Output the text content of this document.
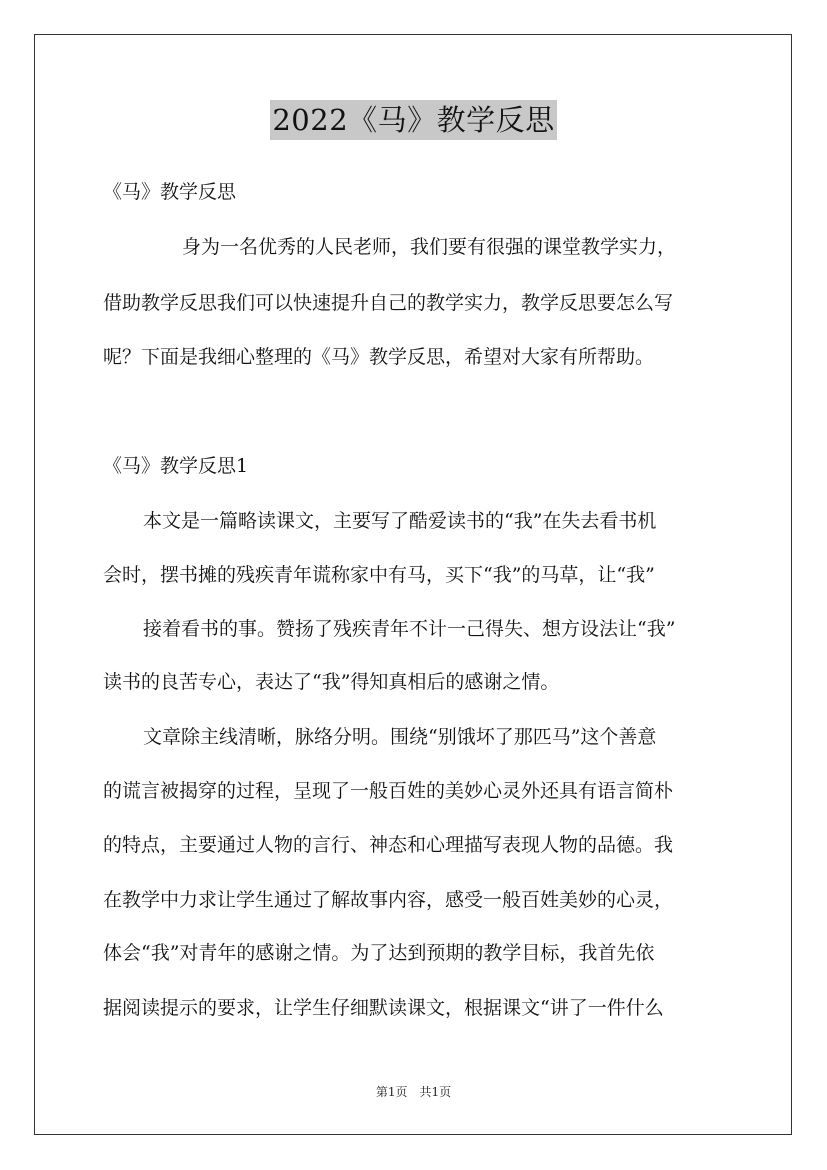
2022《马》教学反思
《马》教学反思
身为一名优秀的人民老师，我们要有很强的课堂教学实力，
借助教学反思我们可以快速提升自己的教学实力，教学反思要怎么写
呢？下面是我细心整理的《马》教学反思，希望对大家有所帮助。
《马》教学反思1
本文是一篇略读课文，主要写了酷爱读书的“我”在失去看书机
会时，摆书摊的残疾青年谎称家中有马，买下“我”的马草，让“我”
接着看书的事。赞扬了残疾青年不计一己得失、想方设法让“我”
读书的良苦专心，表达了“我”得知真相后的感谢之情。
文章除主线清晰，脉络分明。围绕“别饿坏了那匹马”这个善意
的谎言被揭穿的过程，呈现了一般百姓的美妙心灵外还具有语言简朴
的特点，主要通过人物的言行、神态和心理描写表现人物的品德。我
在教学中力求让学生通过了解故事内容，感受一般百姓美妙的心灵，
体会“我”对青年的感谢之情。为了达到预期的教学目标，我首先依
据阅读提示的要求，让学生仔细默读课文，根据课文“讲了一件什么
第1页　共1页
